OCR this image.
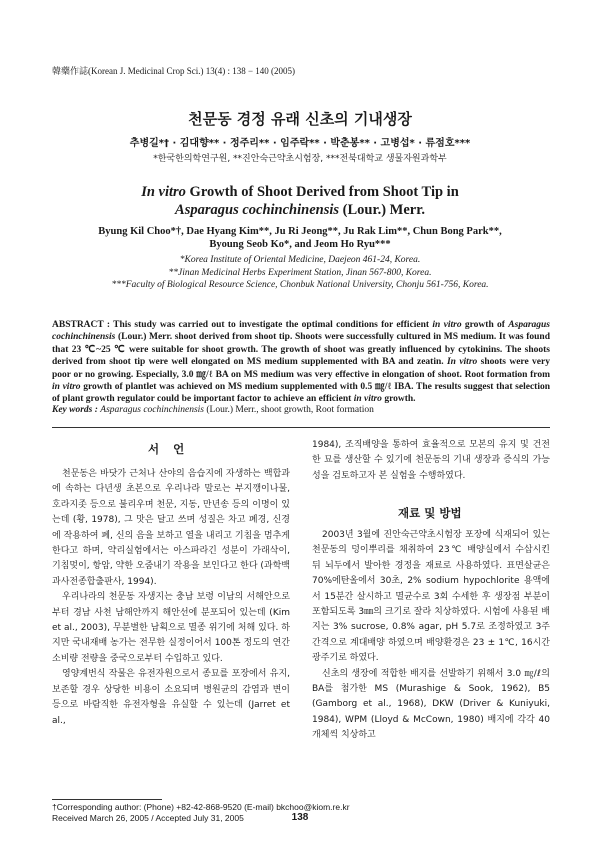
韓藥作誌(Korean J. Medicinal Crop Sci.) 13(4) : 138 − 140 (2005)
천문동 경정 유래 신초의 기내생장
추병길*† · 김대향** · 정주리** · 임주락** · 박춘봉** · 고병섭* · 류점호***
*한국한의학연구원, **진안숙근약초시험장, ***전북대학교 생물자원과학부
In vitro Growth of Shoot Derived from Shoot Tip in
Asparagus cochinchinensis (Lour.) Merr.
Byung Kil Choo*†, Dae Hyang Kim**, Ju Ri Jeong**, Ju Rak Lim**, Chun Bong Park**,
Byoung Seob Ko*, and Jeom Ho Ryu***
*Korea Institute of Oriental Medicine, Daejeon 461-24, Korea.
**Jinan Medicinal Herbs Experiment Station, Jinan 567-800, Korea.
***Faculty of Biological Resource Science, Chonbuk National University, Chonju 561-756, Korea.
ABSTRACT : This study was carried out to investigate the optimal conditions for efficient in vitro growth of Asparagus cochinchinensis (Lour.) Merr. shoot derived from shoot tip. Shoots were successfully cultured in MS medium. It was found that 23 ℃~25 ℃ were suitable for shoot growth. The growth of shoot was greatly influenced by cytokinins. The shoots derived from shoot tip were well elongated on MS medium supplemented with BA and zeatin. In vitro shoots were very poor or no growing. Especially, 3.0 ㎎/ℓ BA on MS medium was very effective in elongation of shoot. Root formation from in vitro growth of plantlet was achieved on MS medium supplemented with 0.5 ㎎/ℓ IBA. The results suggest that selection of plant growth regulator could be important factor to achieve an efficient in vitro growth.
Key words : Asparagus cochinchinensis (Lour.) Merr., shoot growth, Root formation
서언

천문동은 바닷가 근처나 산야의 음습지에 자생하는 백합과에 속하는 다년생 초본으로 우리나라 말로는 부지깽이나물, 호라지좃 등으로 불리우며 천문, 지동, 만년송 등의 이명이 있는데 (황, 1978), 그 맛은 달고 쓰며 성질은 차고 폐경, 신경에 작용하여 폐, 신의 음을 보하고 열을 내리고 기침을 멈추게 한다고 하며, 약리실험에서는 아스파라긴 성분이 가래삭이, 기침멎이, 항암, 약한 오줌내기 작용을 보인다고 한다 (과학백과사전종합출판사, 1994).

우리나라의 천문동 자생지는 충남 보령 이남의 서해안으로부터 경남 사천 남해안까지 해안선에 분포되어 있는데 (Kim et al., 2003), 무분별한 남획으로 멸종 위기에 처해 있다. 하지만 국내재배 농가는 전무한 실정이어서 100톤 정도의 연간 소비량 전량을 중국으로부터 수입하고 있다.

영양계번식 작물은 유전자원으로서 종묘를 포장에서 유지, 보존할 경우 상당한 비용이 소요되며 병원균의 감염과 변이 등으로 바람직한 유전자형을 유실할 수 있는데 (Jarret et al.,

1984), 조직배양을 통하여 효율적으로 모본의 유지 및 건전한 묘를 생산할 수 있기에 천문동의 기내 생장과 증식의 가능성을 검토하고자 본 실험을 수행하였다.

재료 및 방법

2003년 3월에 진안숙근약초시험장 포장에 식재되어 있는 천문동의 덩이뿌리를 채취하여 23℃ 배양실에서 수삽시킨 뒤 뇌두에서 발아한 경정을 재료로 사용하였다. 표면살균은 70%에탄올에서 30초, 2% sodium hypochlorite 용액에서 15분간 살시하고 멸균수로 3회 수세한 후 생장점 부분이 포함되도록 3㎜의 크기로 잘라 치상하였다. 시험에 사용된 배지는 3% sucrose, 0.8% agar, pH 5.7로 조정하였고 3주 간격으로 계대배양 하였으며 배양환경은 23 ± 1℃, 16시간 광주기로 하였다.

신초의 생장에 적합한 배지를 선발하기 위해서 3.0 ㎎/ℓ의 BA를 첨가한 MS (Murashige & Sook, 1962), B5 (Gamborg et al., 1968), DKW (Driver & Kuniyuki, 1984), WPM (Lloyd & McCown, 1980) 배지에 각각 40개체씩 치상하고

†Corresponding author: (Phone) +82-42-868-9520 (E-mail) bkchoo@kiom.re.kr
Received March 26, 2005 / Accepted July 31, 2005	138
